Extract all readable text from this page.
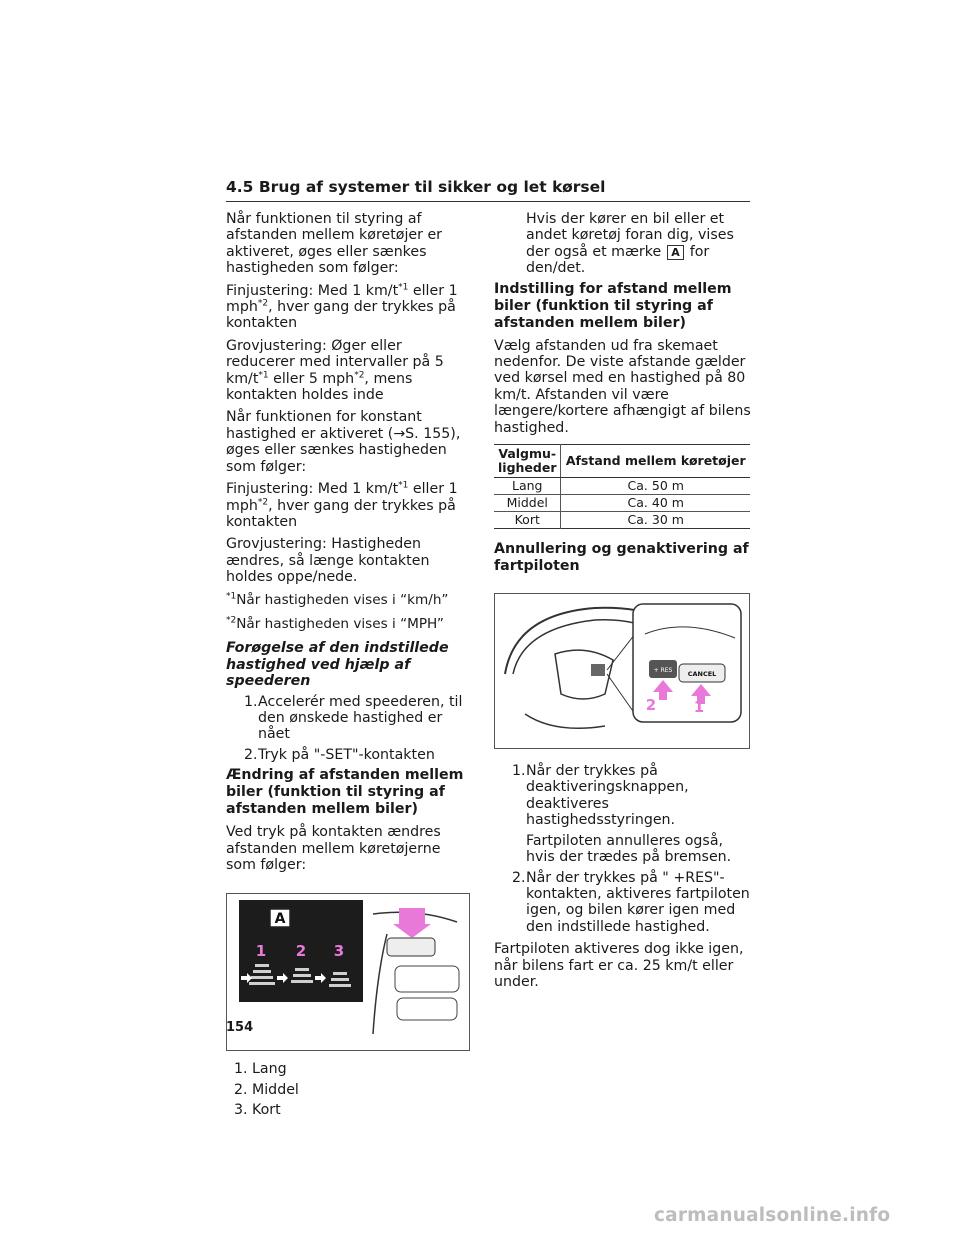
4.5 Brug af systemer til sikker og let kørsel

Når funktionen til styring af afstanden mellem køretøjer er aktiveret, øges eller sænkes hastigheden som følger:

Finjustering: Med 1 $km/t^{*1}$ eller 1 mph$^{*2}$, hver gang der trykkes på kontakten

Grovjustering: Øger eller reducerer med intervaller på 5 $km/t^{*1}$ eller 5 mph$^{*2}$, mens kontakten holdes inde

Når funktionen for konstant hastighed er aktiveret (→S. 155), øges eller sænkes hastigheden som følger:

Finjustering: Med 1 $km/t^{*1}$ eller 1 mph$^{*2}$, hver gang der trykkes på kontakten

Grovjustering: Hastigheden ændres, så længe kontakten holdes oppe/nede.

$^{*1}$Når hastigheden vises i “km/h”

$^{*2}$Når hastigheden vises i “MPH”

Forøgelse af den indstillede hastighed ved hjælp af speederen

1. Accelerér med speederen, til den ønskede hastighed er nået
2. Tryk på "-SET"-kontakten

Ændring af afstanden mellem biler (funktion til styring af afstanden mellem biler)

Ved tryk på kontakten ændres afstanden mellem køretøjerne som følger:

A
1 2 3
1. Lang
2. Middel
3. Kort

Hvis der kører en bil eller et andet køretøj foran dig, vises der også et mærke A for den/det.

Indstilling for afstand mellem biler (funktion til styring af afstanden mellem biler)

Vælg afstanden ud fra skemaet nedenfor. De viste afstande gælder ved kørsel med en hastighed på 80 km/t. Afstanden vil være længere/kortere afhængigt af bilens hastighed.

Valgmu-
ligheder	Afstand mellem køretøjer
Lang	Ca. 50 m
Middel	Ca. 40 m
Kort	Ca. 30 m

Annullering og genaktivering af fartpiloten

+ RES CANCEL
2	1
1. Når der trykkes på deaktiveringsknappen, deaktiveres hastighedsstyringen.

Fartpiloten annulleres også, hvis der trædes på bremsen.

2. Når der trykkes på " +RES"-kontakten, aktiveres fartpiloten igen, og bilen kører igen med den indstillede hastighed.

Fartpiloten aktiveres dog ikke igen, når bilens fart er ca. 25 km/t eller under.

154
carmanualsonline.info
